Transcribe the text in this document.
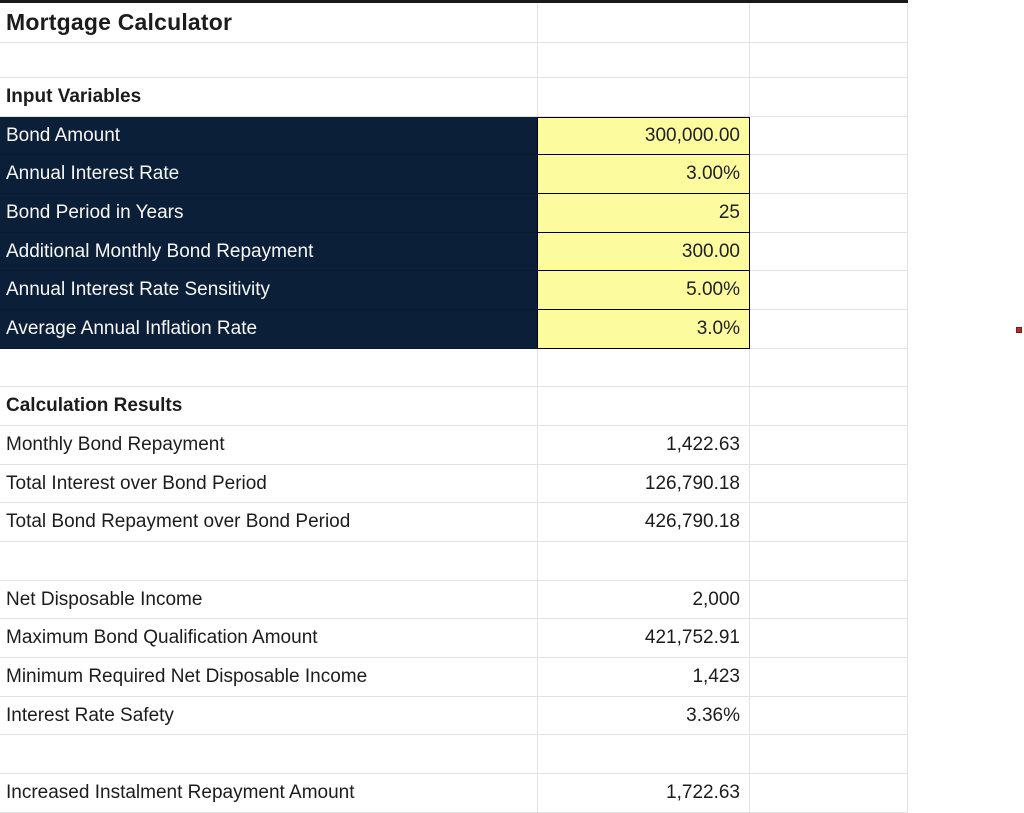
Mortgage Calculator
Input Variables
Bond Amount	300,000.00
Annual Interest Rate	3.00%
Bond Period in Years	25
Additional Monthly Bond Repayment	300.00
Annual Interest Rate Sensitivity	5.00%
Average Annual Inflation Rate	3.0%
Calculation Results
Monthly Bond Repayment	1,422.63
Total Interest over Bond Period	126,790.18
Total Bond Repayment over Bond Period	426,790.18
Net Disposable Income	2,000
Maximum Bond Qualification Amount	421,752.91
Minimum Required Net Disposable Income	1,423
Interest Rate Safety	3.36%
Increased Instalment Repayment Amount	1,722.63
